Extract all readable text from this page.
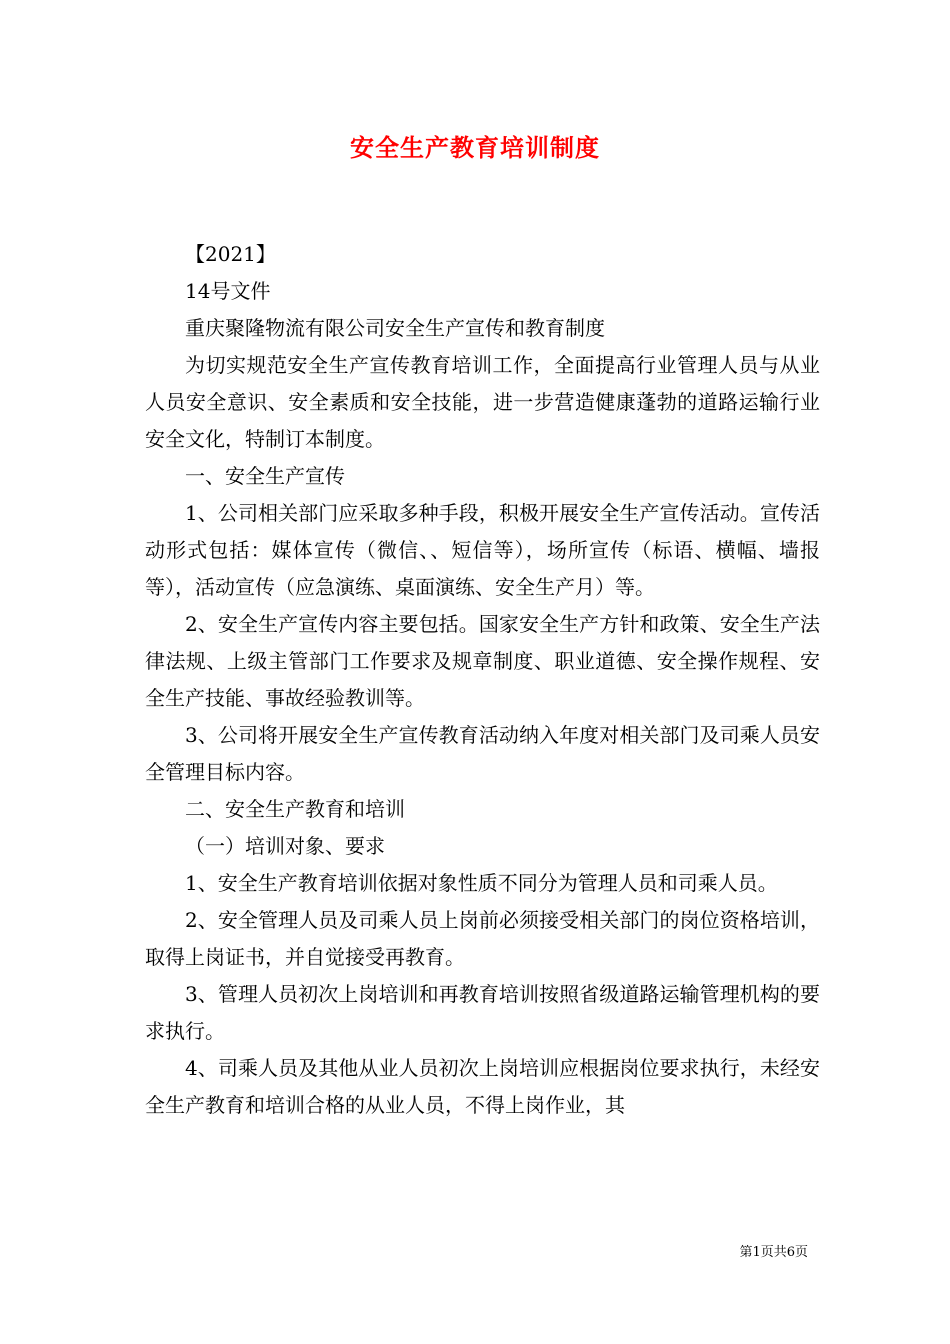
安全生产教育培训制度

【2021】

14号文件

重庆聚隆物流有限公司安全生产宣传和教育制度

为切实规范安全生产宣传教育培训工作，全面提高行业管理人员与从业人员安全意识、安全素质和安全技能，进一步营造健康蓬勃的道路运输行业安全文化，特制订本制度。

一、安全生产宣传

1、公司相关部门应采取多种手段，积极开展安全生产宣传活动。宣传活动形式包括：媒体宣传（微信、、短信等），场所宣传（标语、横幅、墙报等），活动宣传（应急演练、桌面演练、安全生产月）等。

2、安全生产宣传内容主要包括。国家安全生产方针和政策、安全生产法律法规、上级主管部门工作要求及规章制度、职业道德、安全操作规程、安全生产技能、事故经验教训等。

3、公司将开展安全生产宣传教育活动纳入年度对相关部门及司乘人员安全管理目标内容。

二、安全生产教育和培训

（一）培训对象、要求

1、安全生产教育培训依据对象性质不同分为管理人员和司乘人员。

2、安全管理人员及司乘人员上岗前必须接受相关部门的岗位资格培训，取得上岗证书，并自觉接受再教育。

3、管理人员初次上岗培训和再教育培训按照省级道路运输管理机构的要求执行。

4、司乘人员及其他从业人员初次上岗培训应根据岗位要求执行，未经安全生产教育和培训合格的从业人员，不得上岗作业，其

第1页共6页
